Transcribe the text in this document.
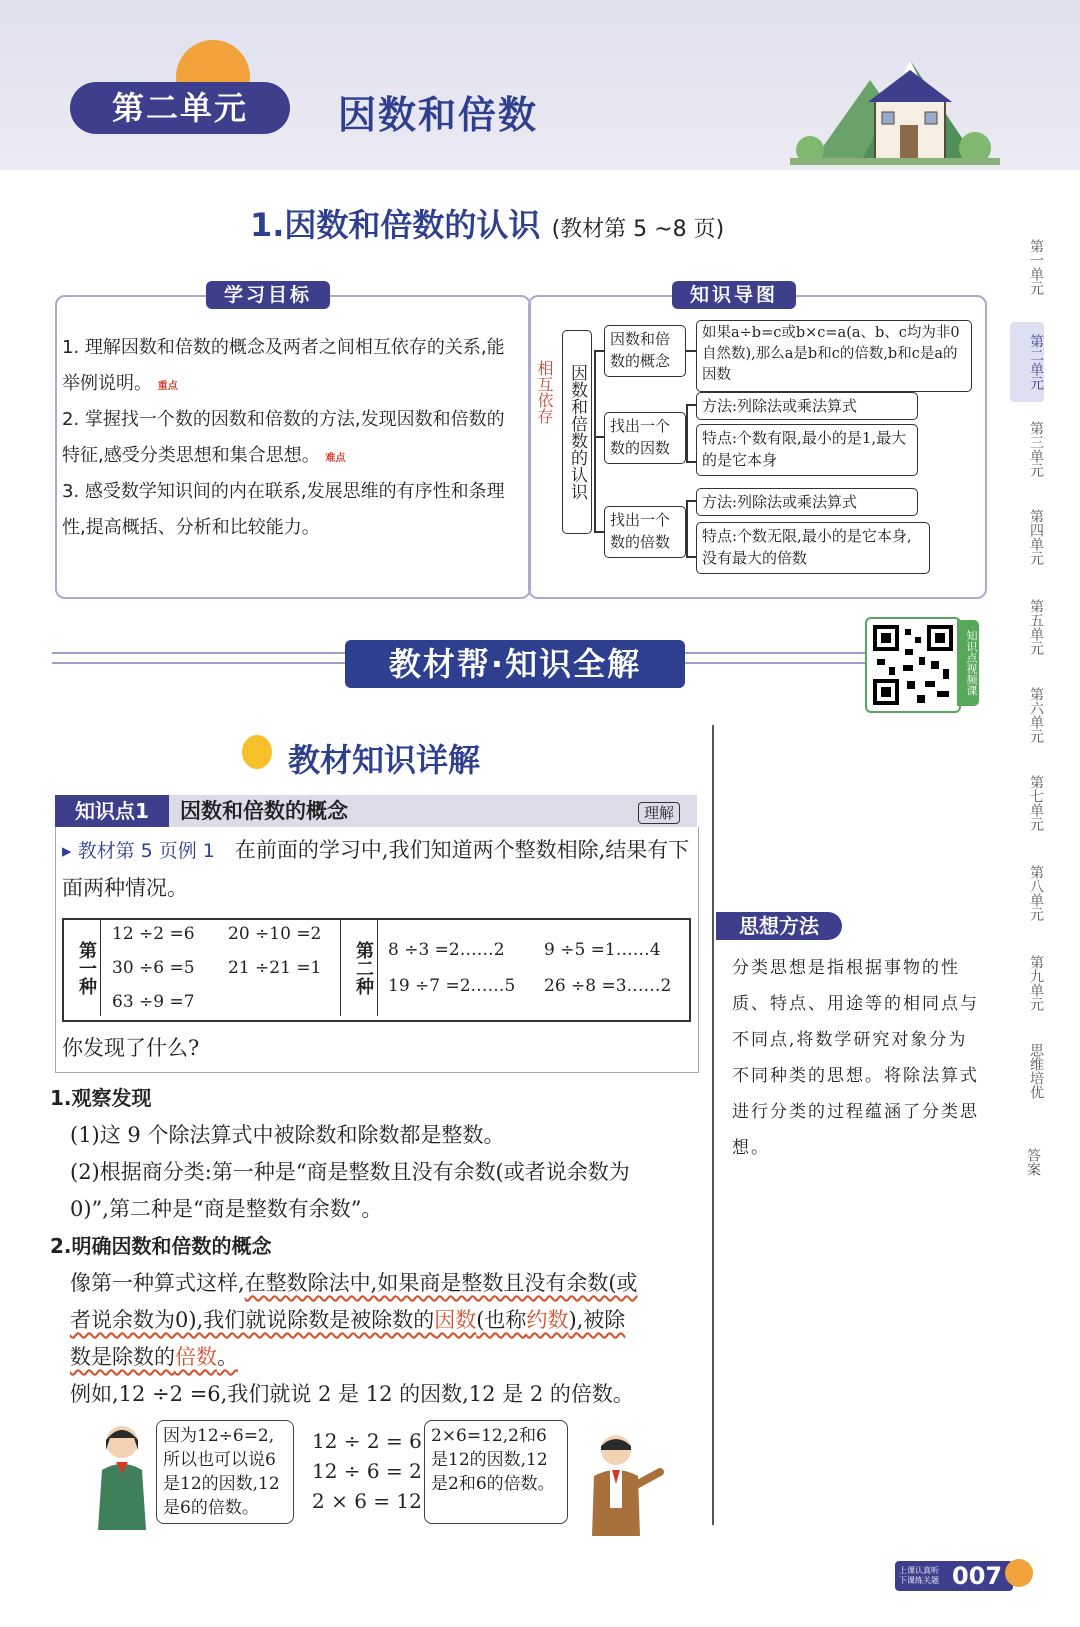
第二单元	因数和倍数
1.因数和倍数的认识 (教材第 5 ~8 页)
第一单元
第二单元
第三单元
第四单元
第五单元
第六单元
第七单元
第八单元
第九单元
思维培优
答案
学习目标
1. 理解因数和倍数的概念及两者之间相互依存的关系,能举例说明。 重点
2. 掌握找一个数的因数和倍数的方法,发现因数和倍数的特征,感受分类思想和集合思想。 难点
3. 感受数学知识间的内在联系,发展思维的有序性和条理性,提高概括、分析和比较能力。
知识导图
相互依存 因数和倍数的认识
因数和倍数的概念
找出一个数的因数
找出一个数的倍数
如果a÷b=c或b×c=a(a、b、c均为非0自然数),那么a是b和c的倍数,b和c是a的因数
方法:列除法或乘法算式
特点:个数有限,最小的是1,最大的是它本身
方法:列除法或乘法算式
特点:个数无限,最小的是它本身,没有最大的倍数
教材帮·知识全解	知识点视频课
教材知识详解
知识点1	因数和倍数的概念	理解
▸ 教材第 5 页例 1 在前面的学习中,我们知道两个整数相除,结果有下面两种情况。
第一种
12 ÷2 =6 20 ÷10 =2
30 ÷6 =5 21 ÷21 =1
63 ÷9 =7
第二种 8 ÷3 =2……2 9 ÷5 =1……4
19 ÷7 =2……5 26 ÷8 =3……2
你发现了什么?
1.观察发现
(1)这 9 个除法算式中被除数和除数都是整数。
(2)根据商分类:第一种是“商是整数且没有余数(或者说余数为
0)”,第二种是“商是整数有余数”。
2.明确因数和倍数的概念
像第一种算式这样,在整数除法中,如果商是整数且没有余数(或
者说余数为0),我们就说除数是被除数的因数(也称约数),被除
数是除数的倍数。
例如,12 ÷2 =6,我们就说 2 是 12 的因数,12 是 2 的倍数。
思想方法
分类思想是指根据事物的性质、特点、用途等的相同点与不同点,将数学研究对象分为不同种类的思想。将除法算式进行分类的过程蕴涵了分类思想。
因为12÷6=2,所以也可以说6是12的因数,12是6的倍数。
12 ÷ 2 = 6
12 ÷ 6 = 2
2 × 6 = 12
2×6=12,2和6是12的因数,12是2和6的倍数。
上课认真听
下课练关题 007
